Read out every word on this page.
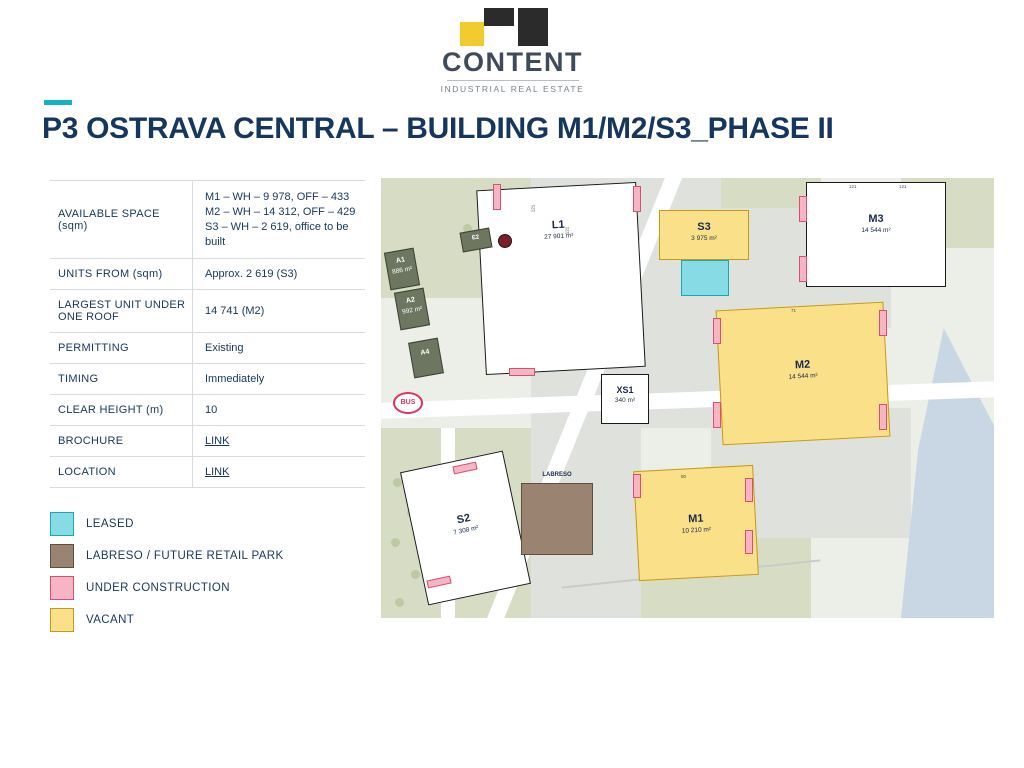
CONTENT
INDUSTRIAL REAL ESTATE
P3 OSTRAVA CENTRAL – BUILDING M1/M2/S3_PHASE II
AVAILABLE SPACE (sqm)	M1 – WH – 9 978, OFF – 433
M2 – WH – 14 312, OFF – 429
S3 – WH – 2 619, office to be
built

UNITS FROM (sqm)	Approx. 2 619 (S3)
LARGEST UNIT UNDER ONE ROOF	14 741 (M2)
PERMITTING	Existing
TIMING	Immediately
CLEAR HEIGHT (m)	10
BROCHURE	LINK
LOCATION	LINK
LEASED
LABRESO / FUTURE RETAIL PARK
UNDER CONSTRUCTION
VACANT
L1
27 901 m²
121
121
M3
14 544 m²
121	121
S3
3 975 m²
M2
14 544 m²
71
M1
10 210 m²
80
S2
7 308 m²
XS1
340 m²
A1
886 m²
A2
992 m²
A4
E2
LABRESO
BUS
